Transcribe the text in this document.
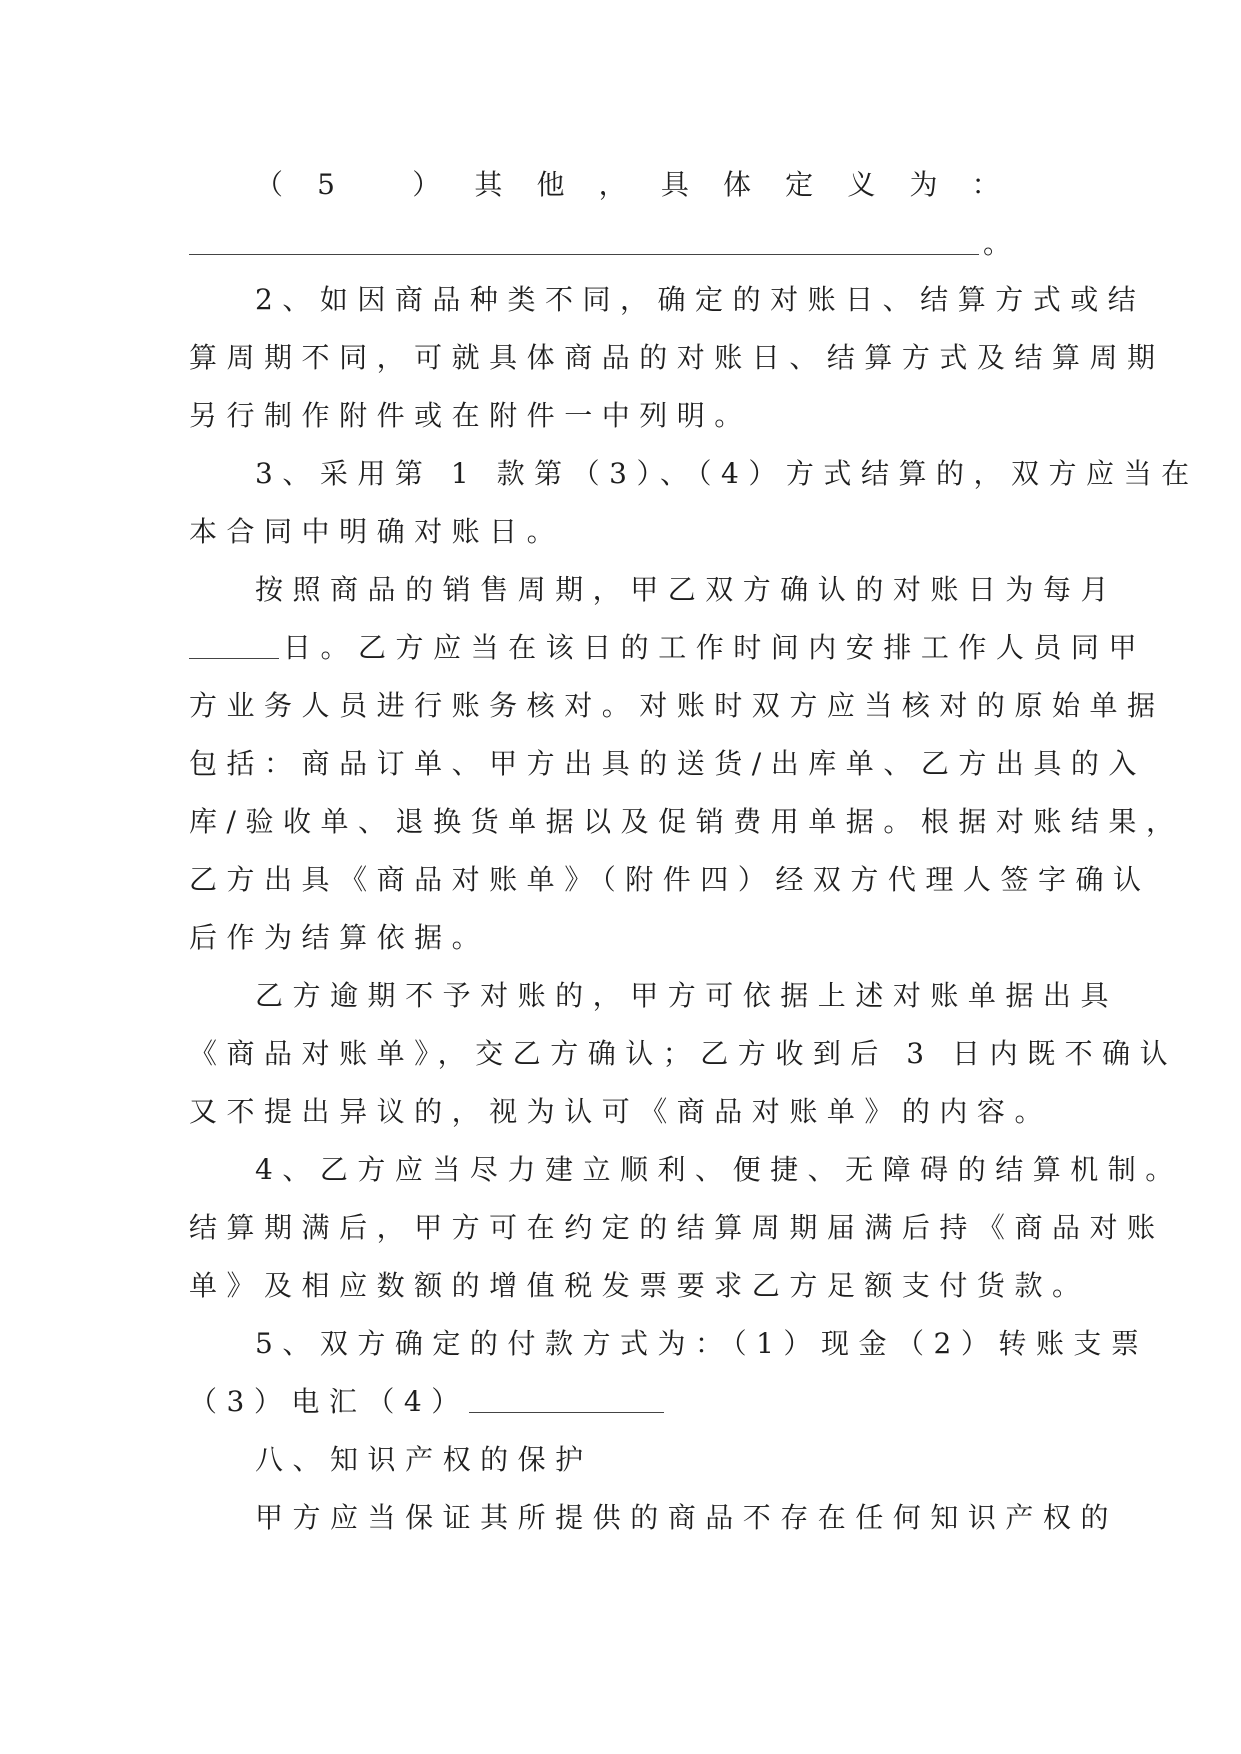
（5 ）其他，具体定义为：
。
2、如因商品种类不同，确定的对账日、结算方式或结
算周期不同，可就具体商品的对账日、结算方式及结算周期
另行制作附件或在附件一中列明。
3、采用第 1 款第（3）、（4）方式结算的，双方应当在
本合同中明确对账日。
按照商品的销售周期，甲乙双方确认的对账日为每月
日。乙方应当在该日的工作时间内安排工作人员同甲
方业务人员进行账务核对。对账时双方应当核对的原始单据
包括：商品订单、甲方出具的送货/出库单、乙方出具的入
库/验收单、退换货单据以及促销费用单据。根据对账结果，
乙方出具《商品对账单》（附件四）经双方代理人签字确认
后作为结算依据。
乙方逾期不予对账的，甲方可依据上述对账单据出具
《商品对账单》，交乙方确认；乙方收到后 3 日内既不确认
又不提出异议的，视为认可《商品对账单》的内容。
4、乙方应当尽力建立顺利、便捷、无障碍的结算机制。
结算期满后，甲方可在约定的结算周期届满后持《商品对账
单》及相应数额的增值税发票要求乙方足额支付货款。
5、双方确定的付款方式为：（1）现金（2）转账支票
（3）电汇（4）
八、知识产权的保护
甲方应当保证其所提供的商品不存在任何知识产权的
